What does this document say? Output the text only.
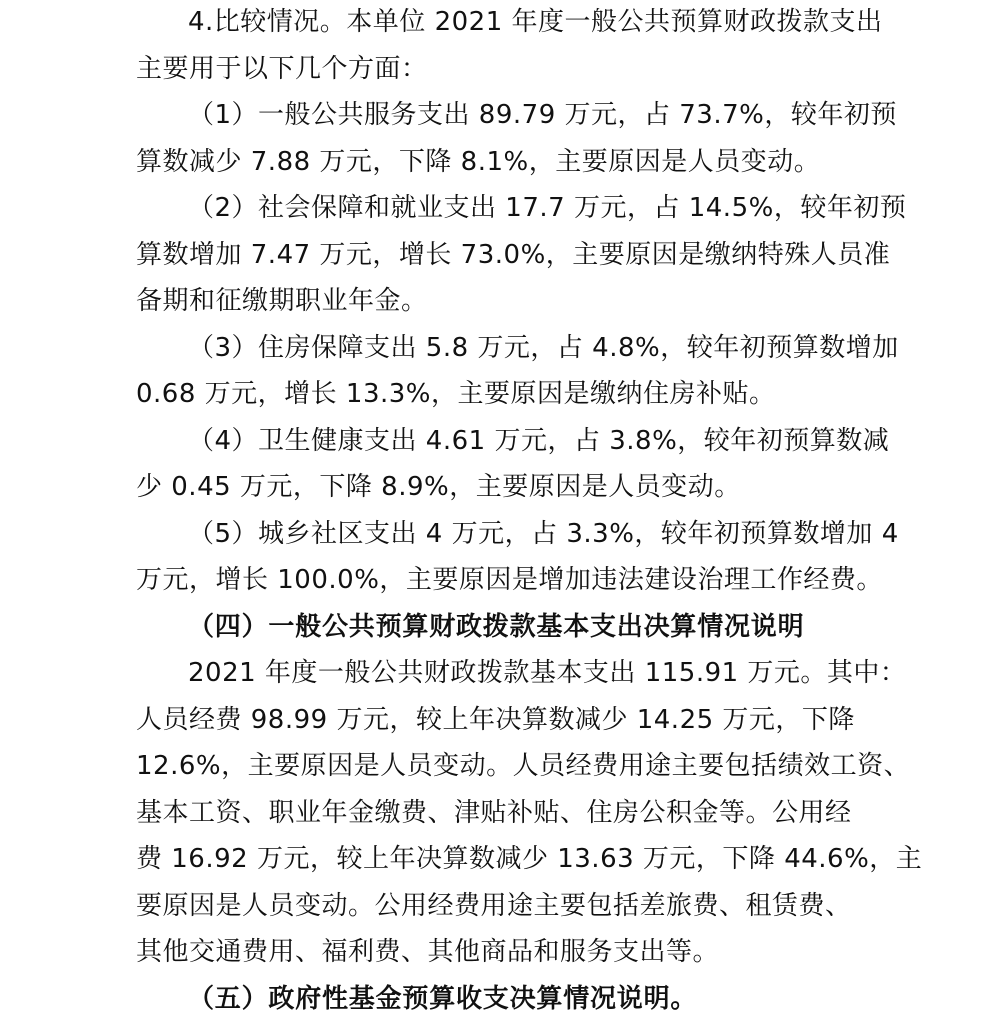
4.比较情况。本单位 2021 年度一般公共预算财政拨款支出
主要用于以下几个方面：
（1）一般公共服务支出 89.79 万元，占 73.7%，较年初预
算数减少 7.88 万元，下降 8.1%，主要原因是人员变动。
（2）社会保障和就业支出 17.7 万元，占 14.5%，较年初预
算数增加 7.47 万元，增长 73.0%，主要原因是缴纳特殊人员准
备期和征缴期职业年金。
（3）住房保障支出 5.8 万元，占 4.8%，较年初预算数增加
0.68 万元，增长 13.3%，主要原因是缴纳住房补贴。
（4）卫生健康支出 4.61 万元，占 3.8%，较年初预算数减
少 0.45 万元，下降 8.9%，主要原因是人员变动。
（5）城乡社区支出 4 万元，占 3.3%，较年初预算数增加 4
万元，增长 100.0%，主要原因是增加违法建设治理工作经费。
（四）一般公共预算财政拨款基本支出决算情况说明
2021 年度一般公共财政拨款基本支出 115.91 万元。其中：
人员经费 98.99 万元，较上年决算数减少 14.25 万元，下降
12.6%，主要原因是人员变动。人员经费用途主要包括绩效工资、
基本工资、职业年金缴费、津贴补贴、住房公积金等。公用经
费 16.92 万元，较上年决算数减少 13.63 万元，下降 44.6%，主
要原因是人员变动。公用经费用途主要包括差旅费、租赁费、
其他交通费用、福利费、其他商品和服务支出等。
（五）政府性基金预算收支决算情况说明。
